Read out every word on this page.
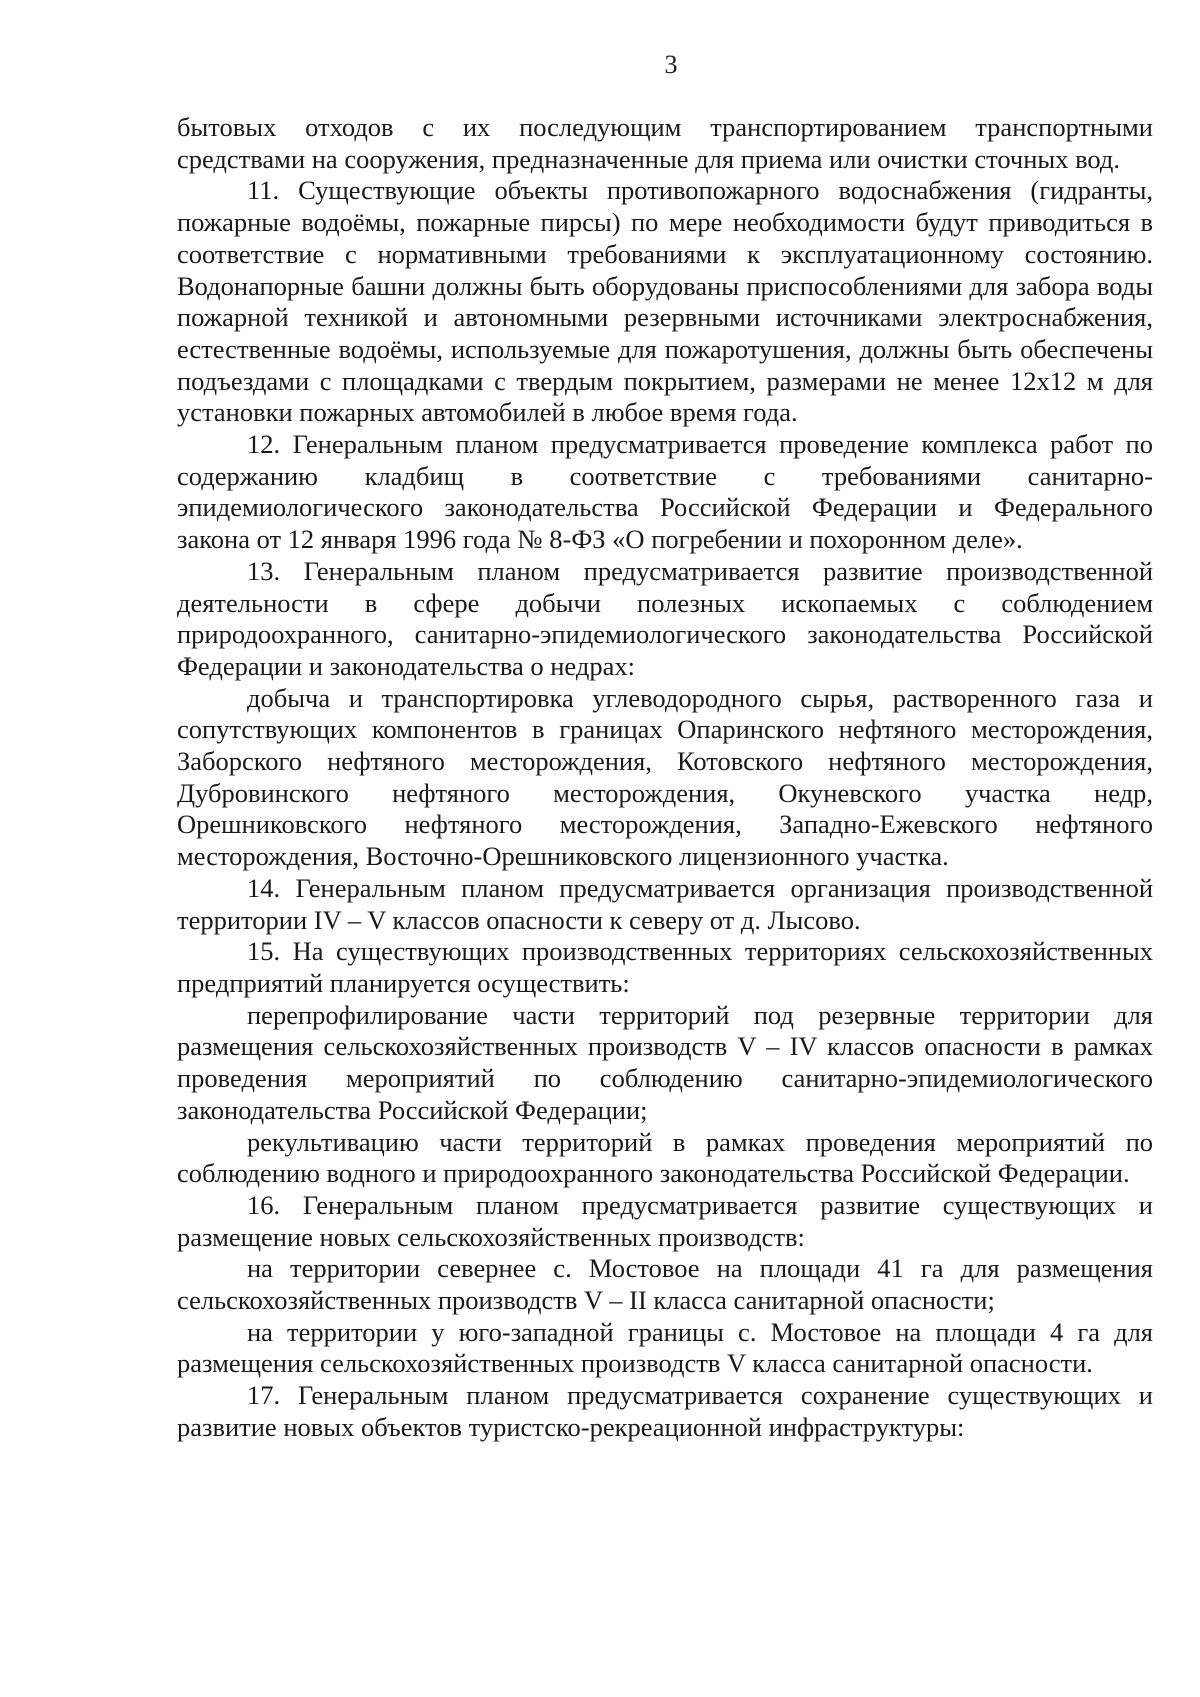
3

бытовых отходов с их последующим транспортированием транспортными средствами на сооружения, предназначенные для приема или очистки сточных вод.

11. Существующие объекты противопожарного водоснабжения (гидранты, пожарные водоёмы, пожарные пирсы) по мере необходимости будут приводиться в соответствие с нормативными требованиями к эксплуатационному состоянию. Водонапорные башни должны быть оборудованы приспособлениями для забора воды пожарной техникой и автономными резервными источниками электроснабжения, естественные водоёмы, используемые для пожаротушения, должны быть обеспечены подъездами с площадками с твердым покрытием, размерами не менее 12х12 м для установки пожарных автомобилей в любое время года.

12. Генеральным планом предусматривается проведение комплекса работ по содержанию кладбищ в соответствие с требованиями санитарно-эпидемиологического законодательства Российской Федерации и Федерального закона от 12 января 1996 года № 8-ФЗ «О погребении и похоронном деле».

13. Генеральным планом предусматривается развитие производственной деятельности в сфере добычи полезных ископаемых с соблюдением природоохранного, санитарно-эпидемиологического законодательства Российской Федерации и законодательства о недрах:

добыча и транспортировка углеводородного сырья, растворенного газа и сопутствующих компонентов в границах Опаринского нефтяного месторождения, Заборского нефтяного месторождения, Котовского нефтяного месторождения, Дубровинского нефтяного месторождения, Окуневского участка недр, Орешниковского нефтяного месторождения, Западно-Ежевского нефтяного месторождения, Восточно-Орешниковского лицензионного участка.

14. Генеральным планом предусматривается организация производственной территории IV – V классов опасности к северу от д. Лысово.

15. На существующих производственных территориях сельскохозяйственных предприятий планируется осуществить:

перепрофилирование части территорий под резервные территории для размещения сельскохозяйственных производств V – IV классов опасности в рамках проведения мероприятий по соблюдению санитарно-эпидемиологического законодательства Российской Федерации;

рекультивацию части территорий в рамках проведения мероприятий по соблюдению водного и природоохранного законодательства Российской Федерации.

16. Генеральным планом предусматривается развитие существующих и размещение новых сельскохозяйственных производств:

на территории севернее с. Мостовое на площади 41 га для размещения сельскохозяйственных производств V – II класса санитарной опасности;

на территории у юго-западной границы с. Мостовое на площади 4 га для размещения сельскохозяйственных производств V класса санитарной опасности.

17. Генеральным планом предусматривается сохранение существующих и развитие новых объектов туристско-рекреационной инфраструктуры:
